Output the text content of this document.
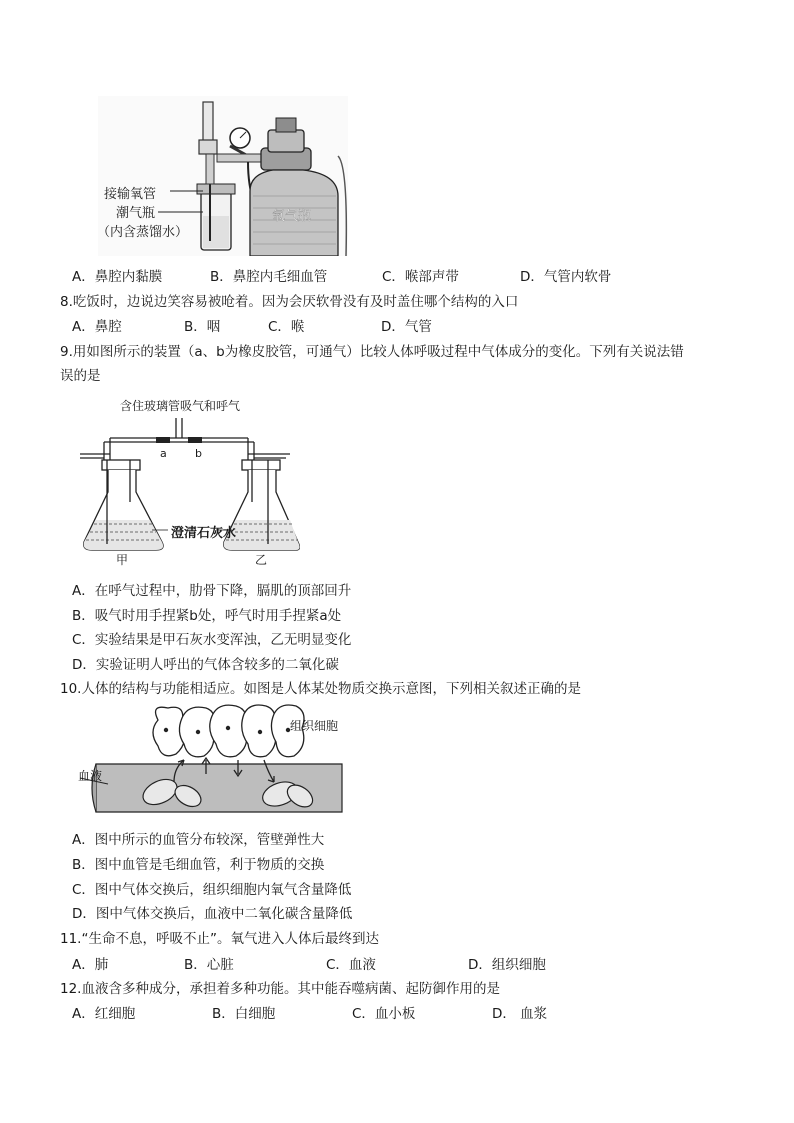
氧气瓶
接输氧管
潮气瓶
（内含蒸馏水）
A．鼻腔内黏膜	B．鼻腔内毛细血管	C．喉部声带	D．气管内软骨
8.吃饭时，边说边笑容易被呛着。因为会厌软骨没有及时盖住哪个结构的入口
A．鼻腔	B．咽	C．喉	D．气管
9.用如图所示的装置（a、b为橡皮胶管，可通气）比较人体呼吸过程中气体成分的变化。下列有关说法错
误的是
含住玻璃管吸气和呼气
a	b
澄清石灰水
甲	乙
A．在呼气过程中，肋骨下降，膈肌的顶部回升
B．吸气时用手捏紧b处，呼气时用手捏紧a处
C．实验结果是甲石灰水变浑浊，乙无明显变化
D．实验证明人呼出的气体含较多的二氧化碳
10.人体的结构与功能相适应。如图是人体某处物质交换示意图，下列相关叙述正确的是
组织细胞
血液
A．图中所示的血管分布较深，管壁弹性大
B．图中血管是毛细血管，利于物质的交换
C．图中气体交换后，组织细胞内氧气含量降低
D．图中气体交换后，血液中二氧化碳含量降低
11.“生命不息，呼吸不止”。氧气进入人体后最终到达
A．肺	B．心脏	C．血液	D．组织细胞
12.血液含多种成分，承担着多种功能。其中能吞噬病菌、起防御作用的是
A．红细胞	B．白细胞	C．血小板	D． 血浆
